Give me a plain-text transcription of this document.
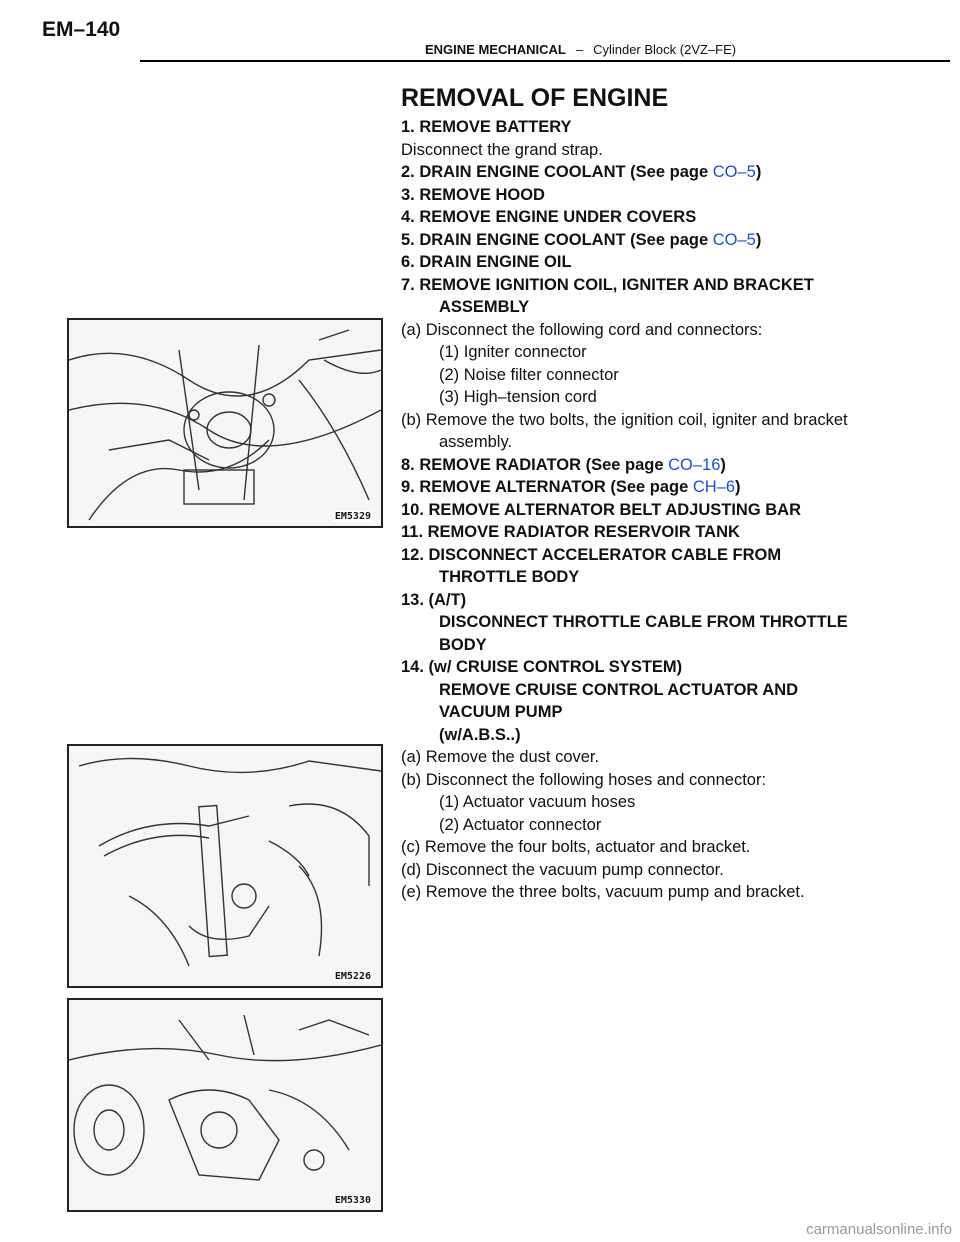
EM–140
ENGINE MECHANICAL – Cylinder Block (2VZ–FE)
REMOVAL OF ENGINE
1. REMOVE BATTERY
Disconnect the grand strap.
2. DRAIN ENGINE COOLANT (See page CO–5)
3. REMOVE HOOD
4. REMOVE ENGINE UNDER COVERS
5. DRAIN ENGINE COOLANT (See page CO–5)
6. DRAIN ENGINE OIL
7. REMOVE IGNITION COIL, IGNITER AND BRACKET
ASSEMBLY
(a) Disconnect the following cord and connectors:
(1) Igniter connector
(2) Noise filter connector
(3) High–tension cord
(b) Remove the two bolts, the ignition coil, igniter and bracket
assembly.
8. REMOVE RADIATOR (See page CO–16)
9. REMOVE ALTERNATOR (See page CH–6)
10. REMOVE ALTERNATOR BELT ADJUSTING BAR
11. REMOVE RADIATOR RESERVOIR TANK
12. DISCONNECT ACCELERATOR CABLE FROM
THROTTLE BODY
13. (A/T)
DISCONNECT THROTTLE CABLE FROM THROTTLE
BODY
14. (w/ CRUISE CONTROL SYSTEM)
REMOVE CRUISE CONTROL ACTUATOR AND
VACUUM PUMP
(w/A.B.S..)
(a) Remove the dust cover.
(b) Disconnect the following hoses and connector:
(1) Actuator vacuum hoses
(2) Actuator connector
(c) Remove the four bolts, actuator and bracket.
(d) Disconnect the vacuum pump connector.
(e) Remove the three bolts, vacuum pump and bracket.
EM5329
EM5226
EM5330
carmanualsonline.info
